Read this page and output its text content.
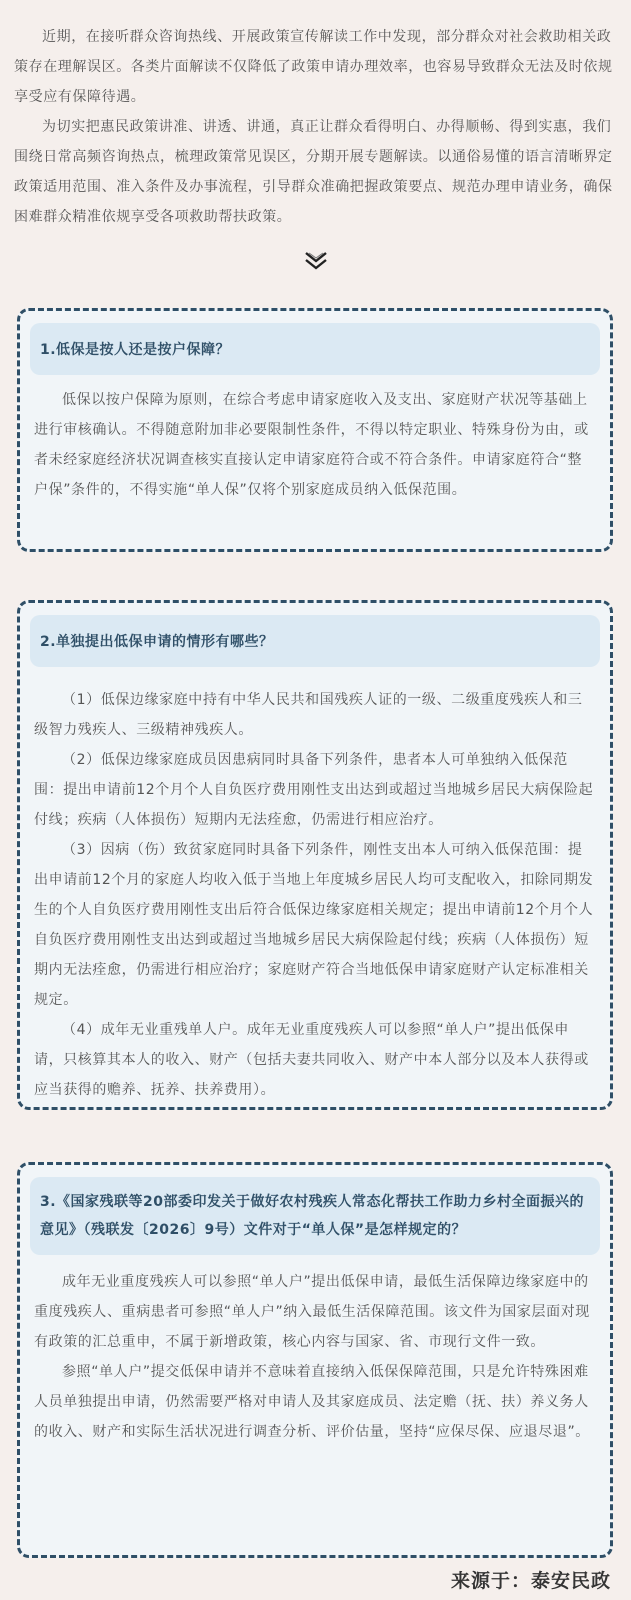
近期，在接听群众咨询热线、开展政策宣传解读工作中发现，部分群众对社会救助相关政策存在理解误区。各类片面解读不仅降低了政策申请办理效率，也容易导致群众无法及时依规享受应有保障待遇。

为切实把惠民政策讲准、讲透、讲通，真正让群众看得明白、办得顺畅、得到实惠，我们围绕日常高频咨询热点，梳理政策常见误区，分期开展专题解读。以通俗易懂的语言清晰界定政策适用范围、准入条件及办事流程，引导群众准确把握政策要点、规范办理申请业务，确保困难群众精准依规享受各项救助帮扶政策。

1.低保是按人还是按户保障？

低保以按户保障为原则，在综合考虑申请家庭收入及支出、家庭财产状况等基础上进行审核确认。不得随意附加非必要限制性条件，不得以特定职业、特殊身份为由，或者未经家庭经济状况调查核实直接认定申请家庭符合或不符合条件。申请家庭符合“整户保”条件的，不得实施“单人保”仅将个别家庭成员纳入低保范围。

2.单独提出低保申请的情形有哪些？

（1）低保边缘家庭中持有中华人民共和国残疾人证的一级、二级重度残疾人和三级智力残疾人、三级精神残疾人。

（2）低保边缘家庭成员因患病同时具备下列条件，患者本人可单独纳入低保范围：提出申请前12个月个人自负医疗费用刚性支出达到或超过当地城乡居民大病保险起付线；疾病（人体损伤）短期内无法痊愈，仍需进行相应治疗。

（3）因病（伤）致贫家庭同时具备下列条件，刚性支出本人可纳入低保范围：提出申请前12个月的家庭人均收入低于当地上年度城乡居民人均可支配收入，扣除同期发生的个人自负医疗费用刚性支出后符合低保边缘家庭相关规定；提出申请前12个月个人自负医疗费用刚性支出达到或超过当地城乡居民大病保险起付线；疾病（人体损伤）短期内无法痊愈，仍需进行相应治疗；家庭财产符合当地低保申请家庭财产认定标准相关规定。

（4）成年无业重残单人户。成年无业重度残疾人可以参照“单人户”提出低保申请，只核算其本人的收入、财产（包括夫妻共同收入、财产中本人部分以及本人获得或应当获得的赡养、抚养、扶养费用）。

3.《国家残联等20部委印发关于做好农村残疾人常态化帮扶工作助力乡村全面振兴的意见》（残联发〔2026〕9号）文件对于“单人保”是怎样规定的？

成年无业重度残疾人可以参照“单人户”提出低保申请，最低生活保障边缘家庭中的重度残疾人、重病患者可参照“单人户”纳入最低生活保障范围。该文件为国家层面对现有政策的汇总重申，不属于新增政策，核心内容与国家、省、市现行文件一致。

参照“单人户”提交低保申请并不意味着直接纳入低保保障范围，只是允许特殊困难人员单独提出申请，仍然需要严格对申请人及其家庭成员、法定赡（抚、扶）养义务人的收入、财产和实际生活状况进行调查分析、评价估量，坚持“应保尽保、应退尽退”。

来源于：泰安民政
